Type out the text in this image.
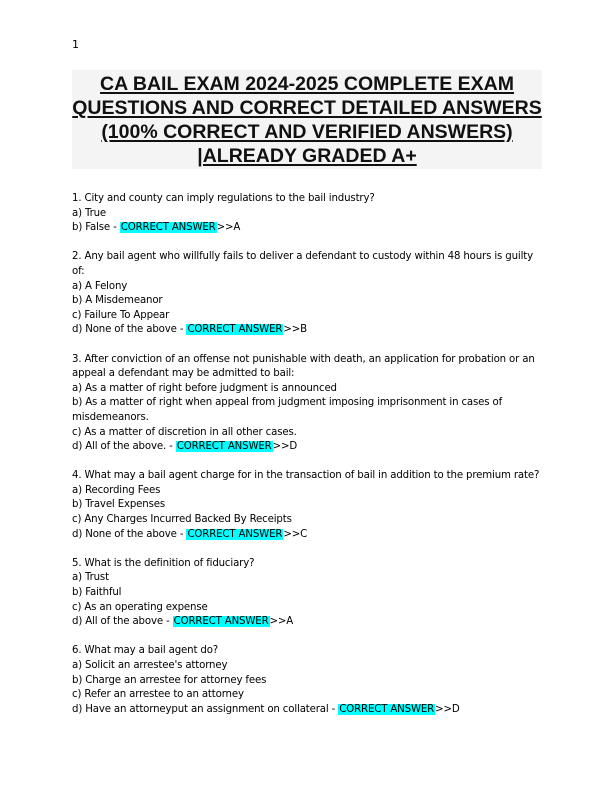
1
CA BAIL EXAM 2024-2025 COMPLETE EXAM QUESTIONS AND CORRECT DETAILED ANSWERS (100% CORRECT AND VERIFIED ANSWERS) |ALREADY GRADED A+
1. City and county can imply regulations to the bail industry?
a) True
b) False - CORRECT ANSWER>>A
2. Any bail agent who willfully fails to deliver a defendant to custody within 48 hours is guilty of:
a) A Felony
b) A Misdemeanor
c) Failure To Appear
d) None of the above - CORRECT ANSWER>>B
3. After conviction of an offense not punishable with death, an application for probation or an appeal a defendant may be admitted to bail:
a) As a matter of right before judgment is announced
b) As a matter of right when appeal from judgment imposing imprisonment in cases of misdemeanors.
c) As a matter of discretion in all other cases.
d) All of the above. - CORRECT ANSWER>>D
4. What may a bail agent charge for in the transaction of bail in addition to the premium rate?
a) Recording Fees
b) Travel Expenses
c) Any Charges Incurred Backed By Receipts
d) None of the above - CORRECT ANSWER>>C
5. What is the definition of fiduciary?
a) Trust
b) Faithful
c) As an operating expense
d) All of the above - CORRECT ANSWER>>A
6. What may a bail agent do?
a) Solicit an arrestee's attorney
b) Charge an arrestee for attorney fees
c) Refer an arrestee to an attorney
d) Have an attorneyput an assignment on collateral - CORRECT ANSWER>>D
